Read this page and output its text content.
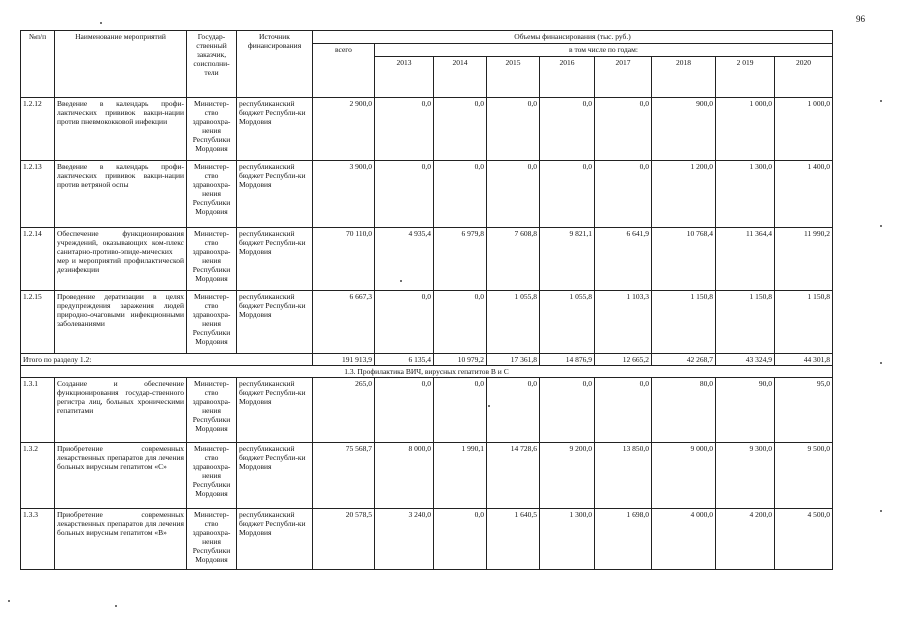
96
№п/п	Наименование мероприятий	Государ-ственный заказчик, соисполни-тели	Источник финансирования	Объемы финансирования (тыс. руб.)								
				всего	в том числе по годам:							
					2013	2014	2015	2016	2017	2018	2 019	2020
1.2.12	Введение в календарь профи-лактических прививок вакци-нации против пневмококковой инфекции	Министер-ство здравоохра-нения Республики Мордовия	республиканский бюджет Республи-ки Мордовия	2 900,0	0,0	0,0	0,0	0,0	0,0	900,0	1 000,0	1 000,0
1.2.13	Введение в календарь профи-лактических прививок вакци-нации против ветряной оспы	Министер-ство здравоохра-нения Республики Мордовия	республиканский бюджет Республи-ки Мордовия	3 900,0	0,0	0,0	0,0	0,0	0,0	1 200,0	1 300,0	1 400,0
1.2.14	Обеспечение функционирования учреждений, оказывающих ком-плекс санитарно-противо-эпиде-мических мер и мероприятий профилактической дезинфекции	Министер-ство здравоохра-нения Республики Мордовия	республиканский бюджет Республи-ки Мордовия	70 110,0	4 935,4	6 979,8	7 608,8	9 821,1	6 641,9	10 768,4	11 364,4	11 990,2
1.2.15	Проведение дератизации в целях предупреждения заражения людей природно-очаговыми инфекционными заболеваниями	Министер-ство здравоохра-нения Республики Мордовия	республиканский бюджет Республи-ки Мордовия	6 667,3	0,0	0,0	1 055,8	1 055,8	1 103,3	1 150,8	1 150,8	1 150,8
Итого по разделу 1.2:				191 913,9	6 135,4	10 979,2	17 361,8	14 876,9	12 665,2	42 268,7	43 324,9	44 301,8
1.3. Профилактика ВИЧ, вирусных гепатитов В и С												
1.3.1	Создание и обеспечение функционирования государ-ственного регистра лиц, больных хроническими гепатитами	Министер-ство здравоохра-нения Республики Мордовия	республиканский бюджет Республи-ки Мордовия	265,0	0,0	0,0	0,0	0,0	0,0	80,0	90,0	95,0
1.3.2	Приобретение современных лекарственных препаратов для лечения больных вирусным гепатитом «С»	Министер-ство здравоохра-нения Республики Мордовия	республиканский бюджет Республи-ки Мордовия	75 568,7	8 000,0	1 990,1	14 728,6	9 200,0	13 850,0	9 000,0	9 300,0	9 500,0
1.3.3	Приобретение современных лекарственных препаратов для лечения больных вирусным гепатитом «В»	Министер-ство здравоохра-нения Республики Мордовия	республиканский бюджет Республи-ки Мордовия	20 578,5	3 240,0	0,0	1 640,5	1 300,0	1 698,0	4 000,0	4 200,0	4 500,0
